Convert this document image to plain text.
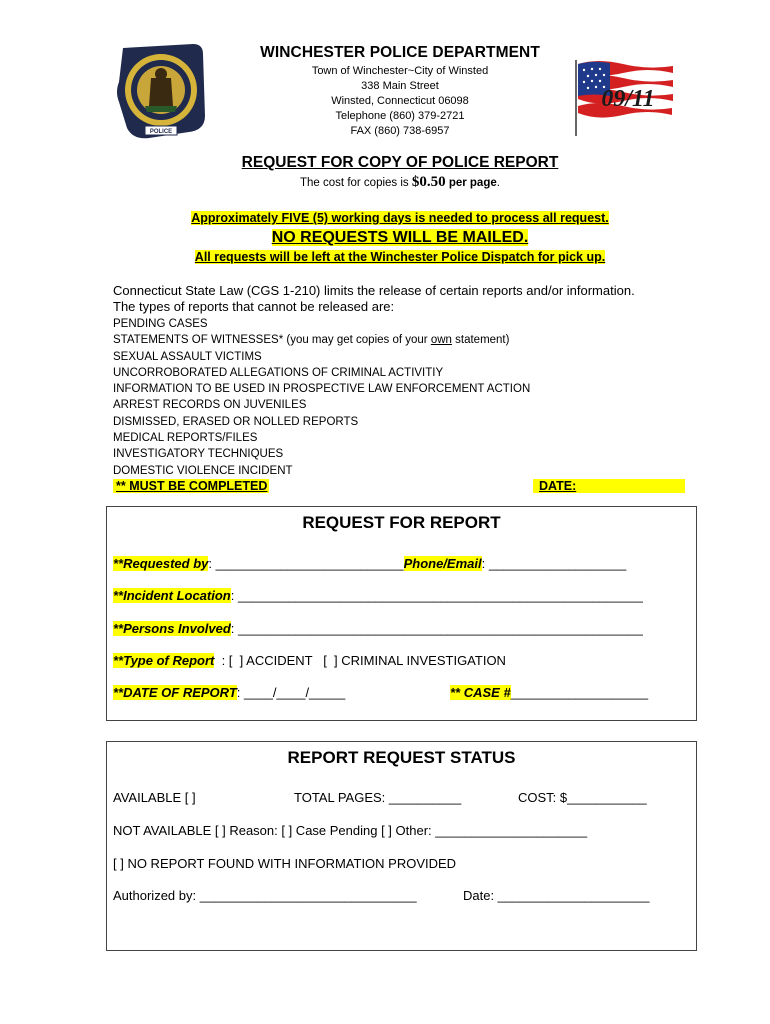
POLICE
WINCHESTER POLICE DEPARTMENT
Town of Winchester~City of Winsted
338 Main Street
Winsted, Connecticut 06098
Telephone (860) 379-2721
FAX (860) 738-6957
09/11
REQUEST FOR COPY OF POLICE REPORT
The cost for copies is $0.50 per page.
Approximately FIVE (5) working days is needed to process all request.
NO REQUESTS WILL BE MAILED.
All requests will be left at the Winchester Police Dispatch for pick up.
Connecticut State Law (CGS 1-210) limits the release of certain reports and/or information.
The types of reports that cannot be released are:
PENDING CASES
STATEMENTS OF WITNESSES* (you may get copies of your own statement)
SEXUAL ASSAULT VICTIMS
UNCORROBORATED ALLEGATIONS OF CRIMINAL ACTIVITIY
INFORMATION TO BE USED IN PROSPECTIVE LAW ENFORCEMENT ACTION
ARREST RECORDS ON JUVENILES
DISMISSED, ERASED OR NOLLED REPORTS
MEDICAL REPORTS/FILES
INVESTIGATORY TECHNIQUES
DOMESTIC VIOLENCE INCIDENT
** MUST BE COMPLETED	DATE:
REQUEST FOR REPORT
**Requested by: __________________________Phone/Email: ___________________
**Incident Location: ________________________________________________________
**Persons Involved: ________________________________________________________
**Type of Report  : [  ] ACCIDENT   [  ] CRIMINAL INVESTIGATION
**DATE OF REPORT: ____/____/_____	** CASE #___________________
REPORT REQUEST STATUS
AVAILABLE [ ]	TOTAL PAGES: __________	COST: $___________
NOT AVAILABLE [ ] Reason: [ ] Case Pending [ ] Other: _____________________
[ ] NO REPORT FOUND WITH INFORMATION PROVIDED
Authorized by: ______________________________	Date: _____________________
